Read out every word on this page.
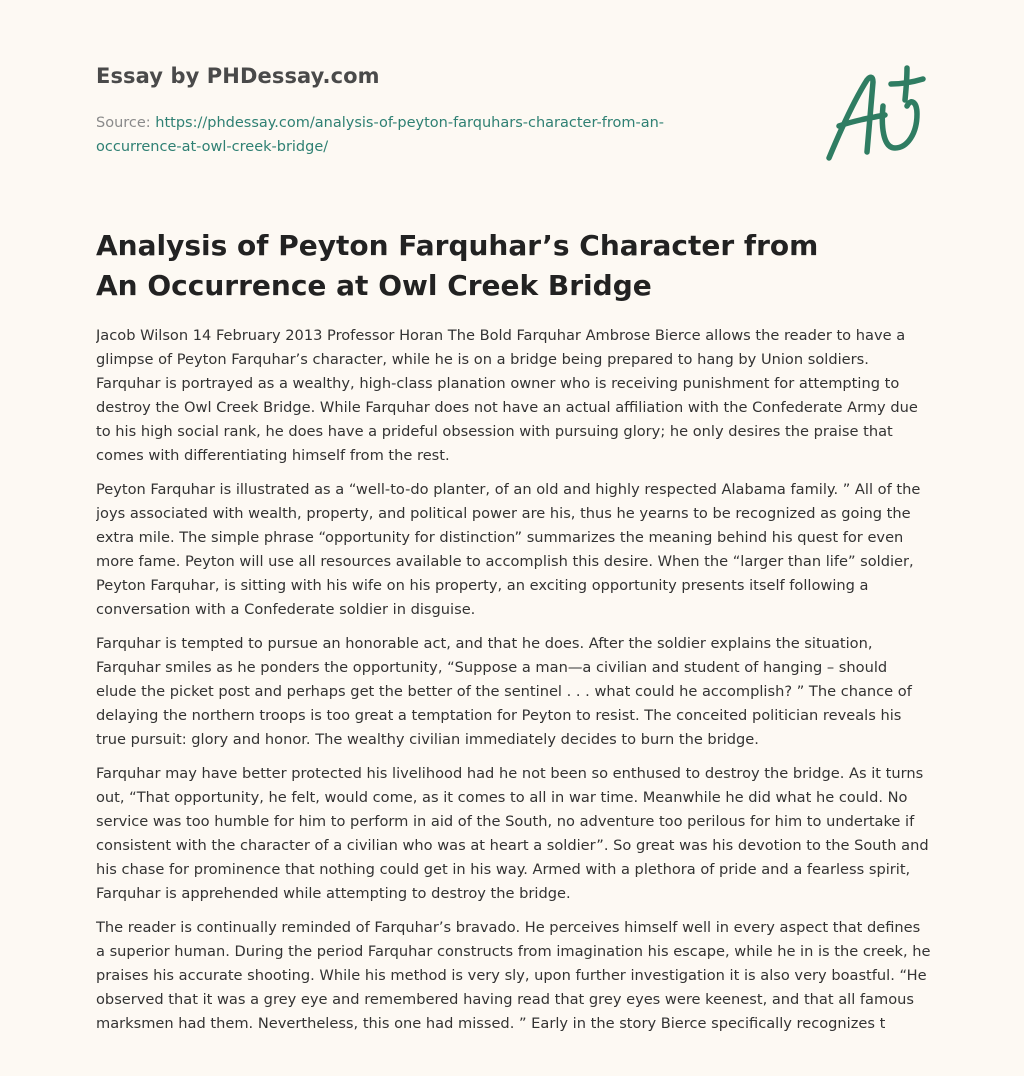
Essay by PHDessay.com
Source: https://phdessay.com/analysis-of-peyton-farquhars-character-from-an-occurrence-at-owl-creek-bridge/
Analysis of Peyton Farquhar’s Character from An Occurrence at Owl Creek Bridge

Jacob Wilson 14 February 2013 Professor Horan The Bold Farquhar Ambrose Bierce allows the reader to have a glimpse of Peyton Farquhar’s character, while he is on a bridge being prepared to hang by Union soldiers. Farquhar is portrayed as a wealthy, high-class planation owner who is receiving punishment for attempting to destroy the Owl Creek Bridge. While Farquhar does not have an actual affiliation with the Confederate Army due to his high social rank, he does have a prideful obsession with pursuing glory; he only desires the praise that comes with differentiating himself from the rest.

Peyton Farquhar is illustrated as a “well-to-do planter, of an old and highly respected Alabama family. ” All of the joys associated with wealth, property, and political power are his, thus he yearns to be recognized as going the extra mile. The simple phrase “opportunity for distinction” summarizes the meaning behind his quest for even more fame. Peyton will use all resources available to accomplish this desire. When the “larger than life” soldier, Peyton Farquhar, is sitting with his wife on his property, an exciting opportunity presents itself following a conversation with a Confederate soldier in disguise.

Farquhar is tempted to pursue an honorable act, and that he does. After the soldier explains the situation, Farquhar smiles as he ponders the opportunity, “Suppose a man—a civilian and student of hanging – should elude the picket post and perhaps get the better of the sentinel . . . what could he accomplish? ” The chance of delaying the northern troops is too great a temptation for Peyton to resist. The conceited politician reveals his true pursuit: glory and honor. The wealthy civilian immediately decides to burn the bridge.

Farquhar may have better protected his livelihood had he not been so enthused to destroy the bridge. As it turns out, “That opportunity, he felt, would come, as it comes to all in war time. Meanwhile he did what he could. No service was too humble for him to perform in aid of the South, no adventure too perilous for him to undertake if consistent with the character of a civilian who was at heart a soldier”. So great was his devotion to the South and his chase for prominence that nothing could get in his way. Armed with a plethora of pride and a fearless spirit, Farquhar is apprehended while attempting to destroy the bridge.

The reader is continually reminded of Farquhar’s bravado. He perceives himself well in every aspect that defines a superior human. During the period Farquhar constructs from imagination his escape, while he in is the creek, he praises his accurate shooting. While his method is very sly, upon further investigation it is also very boastful. “He observed that it was a grey eye and remembered having read that grey eyes were keenest, and that all famous marksmen had them. Nevertheless, this one had missed. ” Early in the story Bierce specifically recognizes t
